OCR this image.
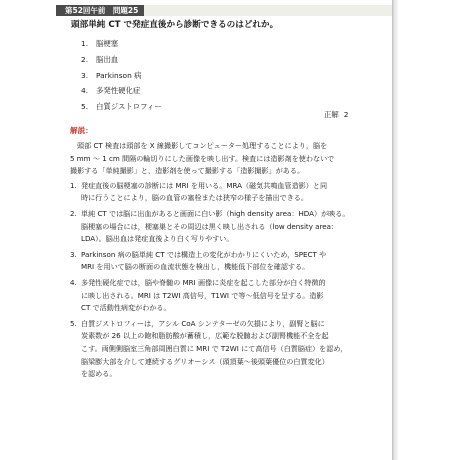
第52回午前　問題25
頭部単純 CT で発症直後から診断できるのはどれか。
1.	脳梗塞
2.	脳出血
3.	Parkinson 病
4.	多発性硬化症
5.	白質ジストロフィー
正解 2
解説：

頭部 CT 検査は頭部を X 線撮影してコンピューター処理することにより，脳を
5 mm ～ 1 cm 間隔の輪切りにした画像を映し出す。検査には造影剤を使わないで
撮影する「単純撮影」と，造影剤を使って撮影する「造影撮影」がある。

1. 発症直後の脳梗塞の診断には MRI を用いる。MRA（磁気共鳴血管造影）と同
時に行うことにより，脳の血管の塞栓または狭窄の様子を描出できる。
2. 単純 CT では脳に出血があると画面に白い影（high density area：HDA）が映る。
脳梗塞の場合には，梗塞巣とその周辺は黒く映し出される（low density area：
LDA）。脳出血は発症直後より白く写りやすい。
3. Parkinson 病の脳単純 CT では構造上の変化がわかりにくいため，SPECT や
MRI を用いて脳の断面の血流状態を検出し，機能低下部位を確認する。
4. 多発性硬化症では，脳や脊髄の MRI 画像に炎症を起こした部分が白く特徴的
に映し出される。MRI は T2WI 高信号，T1WI で等～低信号を呈する。造影
CT で活動性病変がわかる。
5. 白質ジストロフィーは，アシル CoA シンテターゼの欠損により，副腎と脳に
炭素数が 26 以上の飽和脂肪酸が蓄積し，広範な脱髄および副腎機能不全を起
こす。両側側脳室三角部周囲白質に MRI で T2WI にて高信号（白質脳症）を認め，
脳梁膨大部を介して連続するグリオーシス（頭頂葉～後頭葉優位の白質変化）
を認める。
